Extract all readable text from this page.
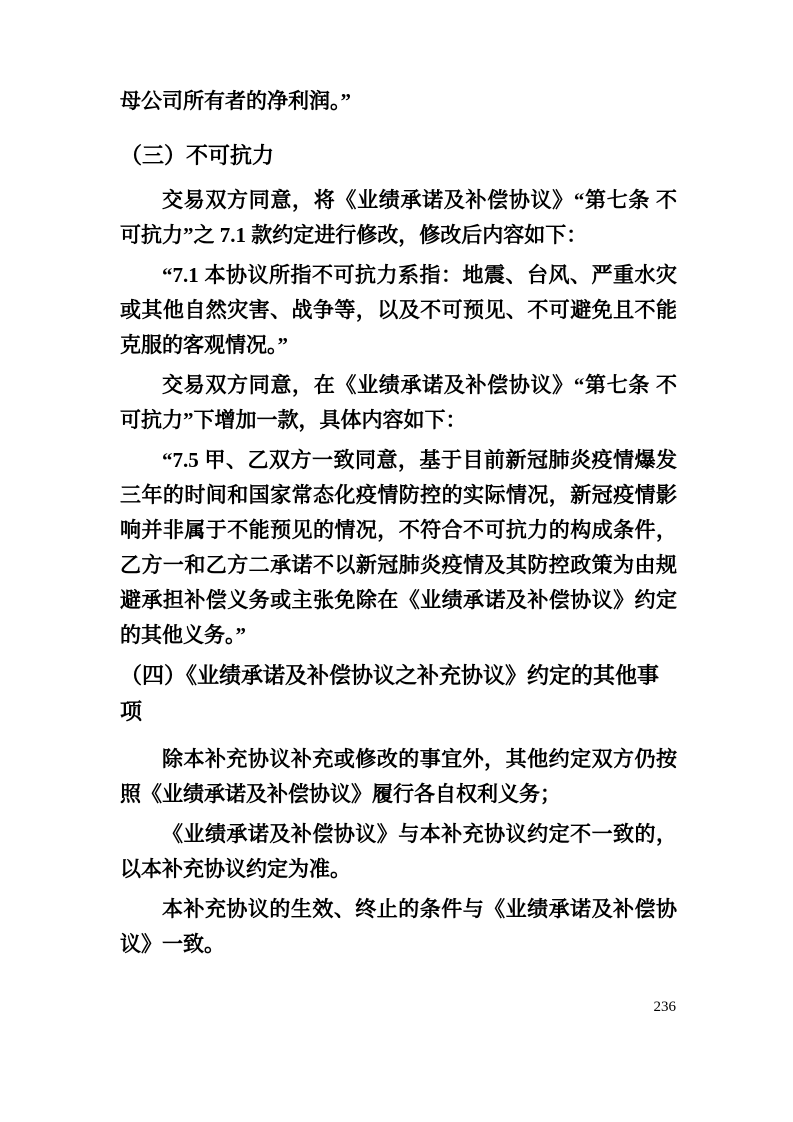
母公司所有者的净利润。”

（三）不可抗力

交易双方同意，将《业绩承诺及补偿协议》“第七条 不可抗力”之 7.1 款约定进行修改，修改后内容如下：

“7.1 本协议所指不可抗力系指：地震、台风、严重水灾或其他自然灾害、战争等，以及不可预见、不可避免且不能克服的客观情况。”

交易双方同意，在《业绩承诺及补偿协议》“第七条 不可抗力”下增加一款，具体内容如下：

“7.5 甲、乙双方一致同意，基于目前新冠肺炎疫情爆发三年的时间和国家常态化疫情防控的实际情况，新冠疫情影响并非属于不能预见的情况，不符合不可抗力的构成条件，乙方一和乙方二承诺不以新冠肺炎疫情及其防控政策为由规避承担补偿义务或主张免除在《业绩承诺及补偿协议》约定的其他义务。”

（四）《业绩承诺及补偿协议之补充协议》约定的其他事项

除本补充协议补充或修改的事宜外，其他约定双方仍按照《业绩承诺及补偿协议》履行各自权利义务；

《业绩承诺及补偿协议》与本补充协议约定不一致的，以本补充协议约定为准。

本补充协议的生效、终止的条件与《业绩承诺及补偿协议》一致。

236
